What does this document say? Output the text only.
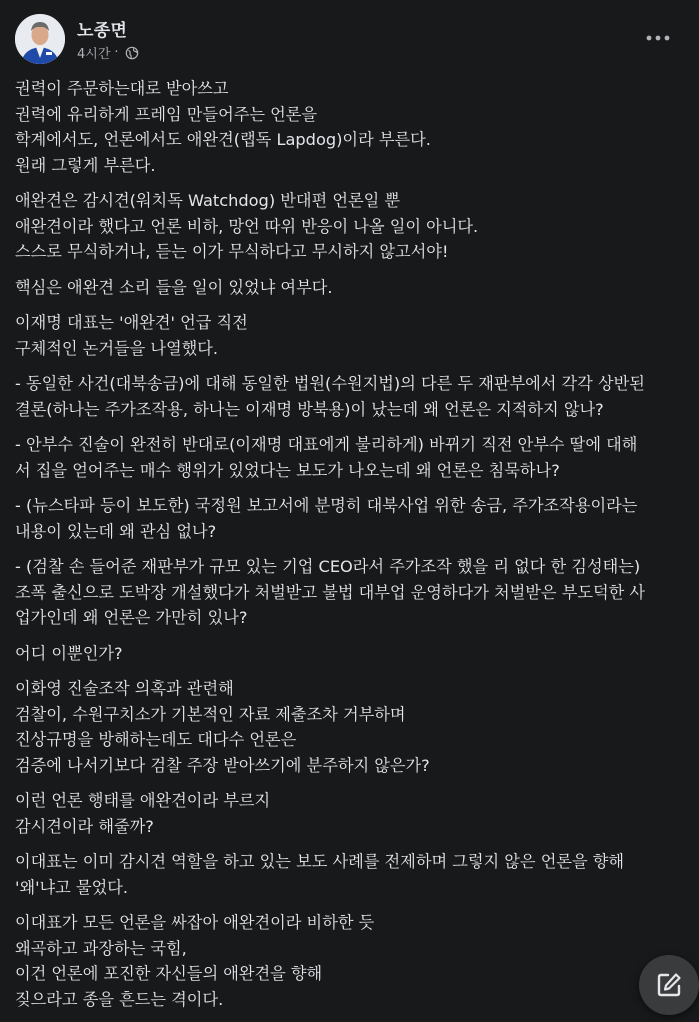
노종면
4시간 ·
권력이 주문하는대로 받아쓰고
권력에 유리하게 프레임 만들어주는 언론을
학계에서도, 언론에서도 애완견(랩독 Lapdog)이라 부른다.
원래 그렇게 부른다.
애완견은 감시견(워치독 Watchdog) 반대편 언론일 뿐
애완견이라 했다고 언론 비하, 망언 따위 반응이 나올 일이 아니다.
스스로 무식하거나, 듣는 이가 무식하다고 무시하지 않고서야!
핵심은 애완견 소리 들을 일이 있었냐 여부다.
이재명 대표는 '애완견' 언급 직전
구체적인 논거들을 나열했다.
- 동일한 사건(대북송금)에 대해 동일한 법원(수원지법)의 다른 두 재판부에서 각각 상반된
결론(하나는 주가조작용, 하나는 이재명 방북용)이 났는데 왜 언론은 지적하지 않나?
- 안부수 진술이 완전히 반대로(이재명 대표에게 불리하게) 바뀌기 직전 안부수 딸에 대해
서 집을 얻어주는 매수 행위가 있었다는 보도가 나오는데 왜 언론은 침묵하나?
- (뉴스타파 등이 보도한) 국정원 보고서에 분명히 대북사업 위한 송금, 주가조작용이라는
내용이 있는데 왜 관심 없나?
- (검찰 손 들어준 재판부가 규모 있는 기업 CEO라서 주가조작 했을 리 없다 한 김성태는)
조폭 출신으로 도박장 개설했다가 처벌받고 불법 대부업 운영하다가 처벌받은 부도덕한 사
업가인데 왜 언론은 가만히 있나?
어디 이뿐인가?
이화영 진술조작 의혹과 관련해
검찰이, 수원구치소가 기본적인 자료 제출조차 거부하며
진상규명을 방해하는데도 대다수 언론은
검증에 나서기보다 검찰 주장 받아쓰기에 분주하지 않은가?
이런 언론 행태를 애완견이라 부르지
감시견이라 해줄까?
이대표는 이미 감시견 역할을 하고 있는 보도 사례를 전제하며 그렇지 않은 언론을 향해
'왜'냐고 물었다.
이대표가 모든 언론을 싸잡아 애완견이라 비하한 듯
왜곡하고 과장하는 국힘,
이건 언론에 포진한 자신들의 애완견을 향해
짖으라고 종을 흔드는 격이다.
